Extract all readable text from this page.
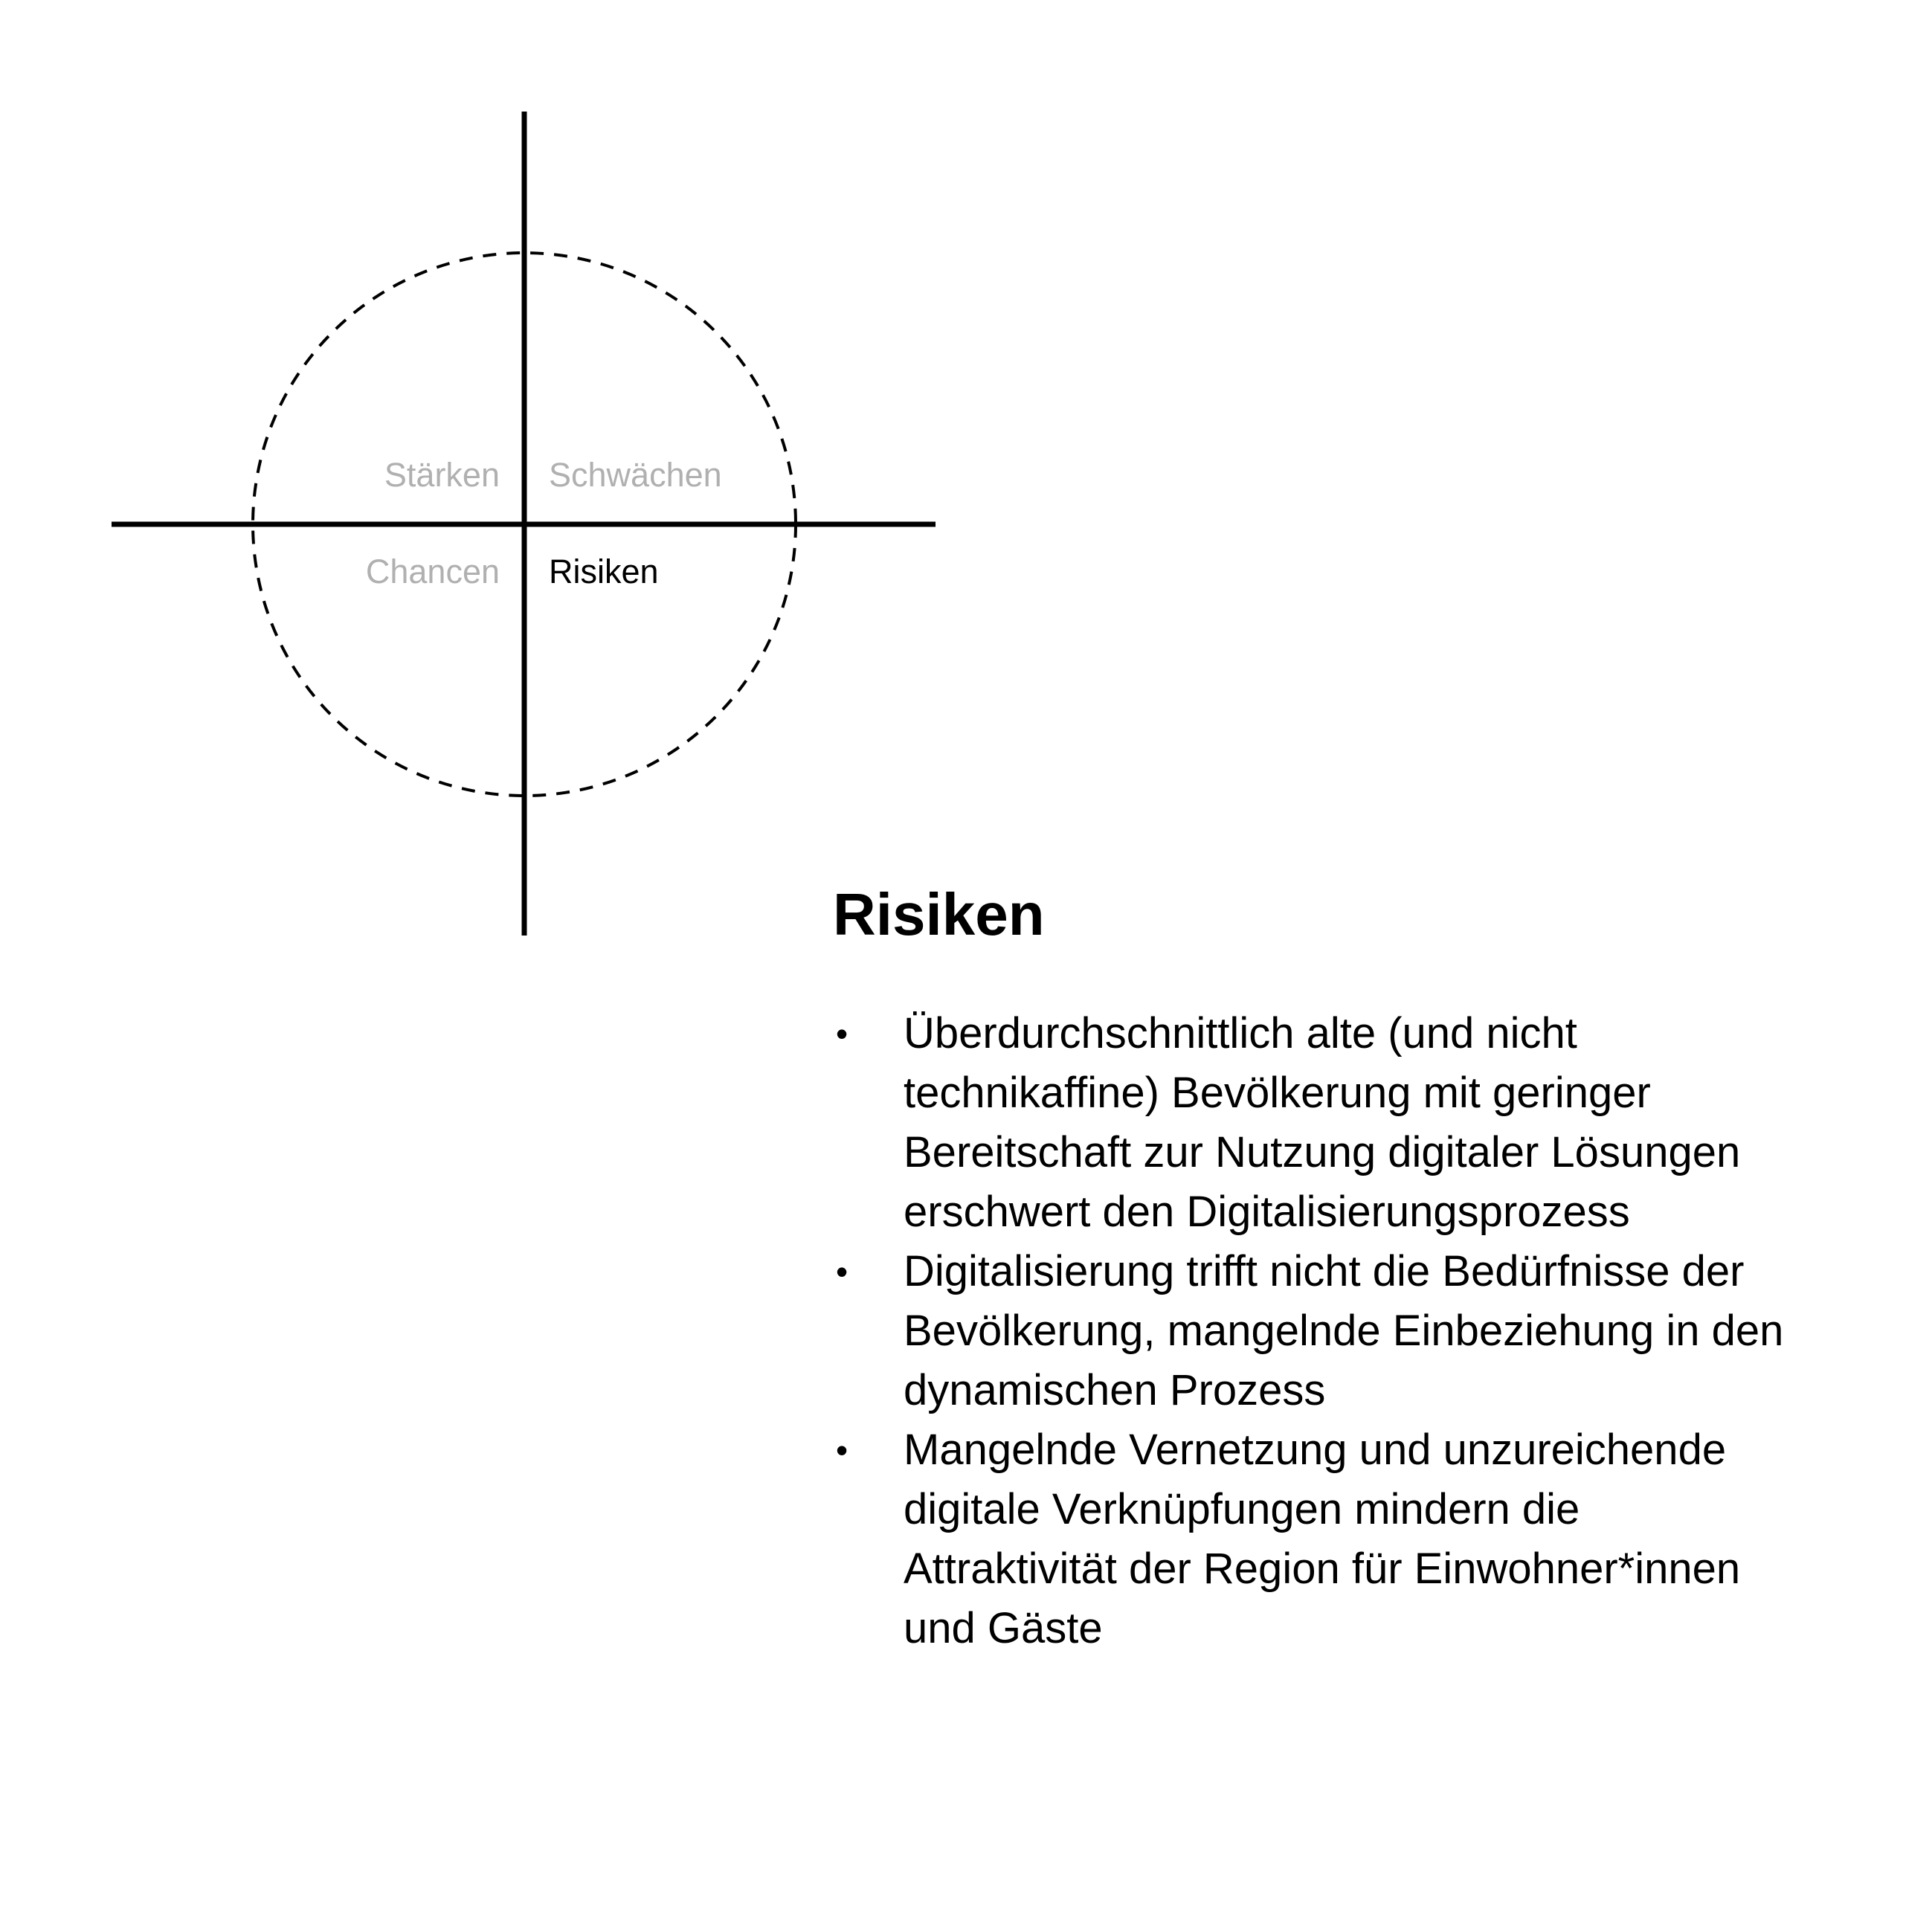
Stärken Schwächen
Chancen Risiken
Risiken
• Überdurchschnittlich alte (und nicht technikaffine) Bevölkerung mit geringer Bereitschaft zur Nutzung digitaler Lösungen erschwert den Digitalisierungsprozess
• Digitalisierung trifft nicht die Bedürfnisse der Bevölkerung, mangelnde Einbeziehung in den dynamischen Prozess
• Mangelnde Vernetzung und unzureichende digitale Verknüpfungen mindern die Attraktivität der Region für Einwohner*innen und Gäste
